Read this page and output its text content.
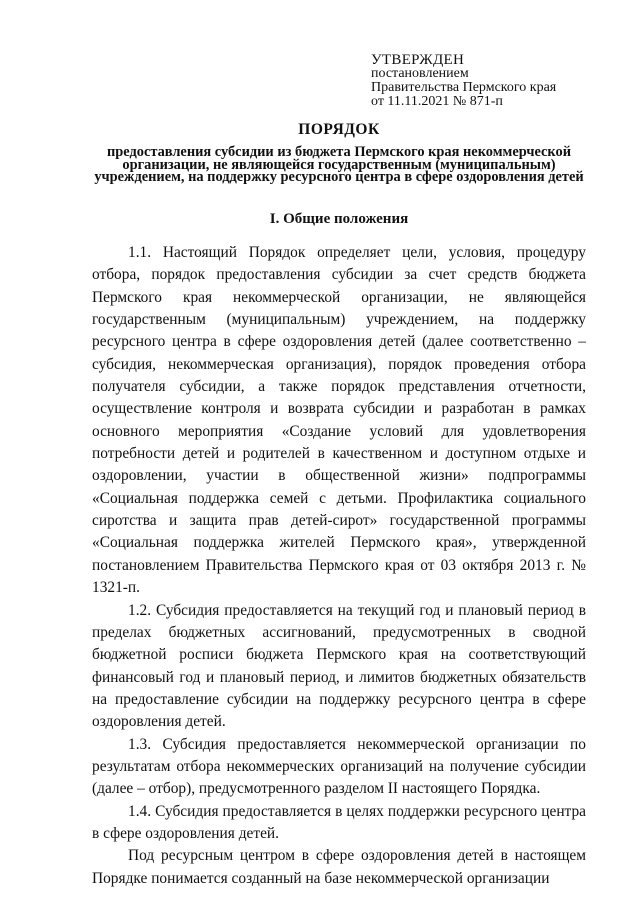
УТВЕРЖДЕН
постановлением
Правительства Пермского края
от 11.11.2021 № 871-п
ПОРЯДОК
предоставления субсидии из бюджета Пермского края некоммерческой организации, не являющейся государственным (муниципальным) учреждением, на поддержку ресурсного центра в сфере оздоровления детей
I. Общие положения

1.1. Настоящий Порядок определяет цели, условия, процедуру отбора, порядок предоставления субсидии за счет средств бюджета Пермского края некоммерческой организации, не являющейся государственным (муниципальным) учреждением, на поддержку ресурсного центра в сфере оздоровления детей (далее соответственно – субсидия, некоммерческая организация), порядок проведения отбора получателя субсидии, а также порядок представления отчетности, осуществление контроля и возврата субсидии и разработан в рамках основного мероприятия «Создание условий для удовлетворения потребности детей и родителей в качественном и доступном отдыхе и оздоровлении, участии в общественной жизни» подпрограммы «Социальная поддержка семей с детьми. Профилактика социального сиротства и защита прав детей-сирот» государственной программы «Социальная поддержка жителей Пермского края», утвержденной постановлением Правительства Пермского края от 03 октября 2013 г. № 1321-п.

1.2. Субсидия предоставляется на текущий год и плановый период в пределах бюджетных ассигнований, предусмотренных в сводной бюджетной росписи бюджета Пермского края на соответствующий финансовый год и плановый период, и лимитов бюджетных обязательств на предоставление субсидии на поддержку ресурсного центра в сфере оздоровления детей.

1.3. Субсидия предоставляется некоммерческой организации по результатам отбора некоммерческих организаций на получение субсидии (далее – отбор), предусмотренного разделом II настоящего Порядка.

1.4. Субсидия предоставляется в целях поддержки ресурсного центра в сфере оздоровления детей.

Под ресурсным центром в сфере оздоровления детей в настоящем Порядке понимается созданный на базе некоммерческой организации
